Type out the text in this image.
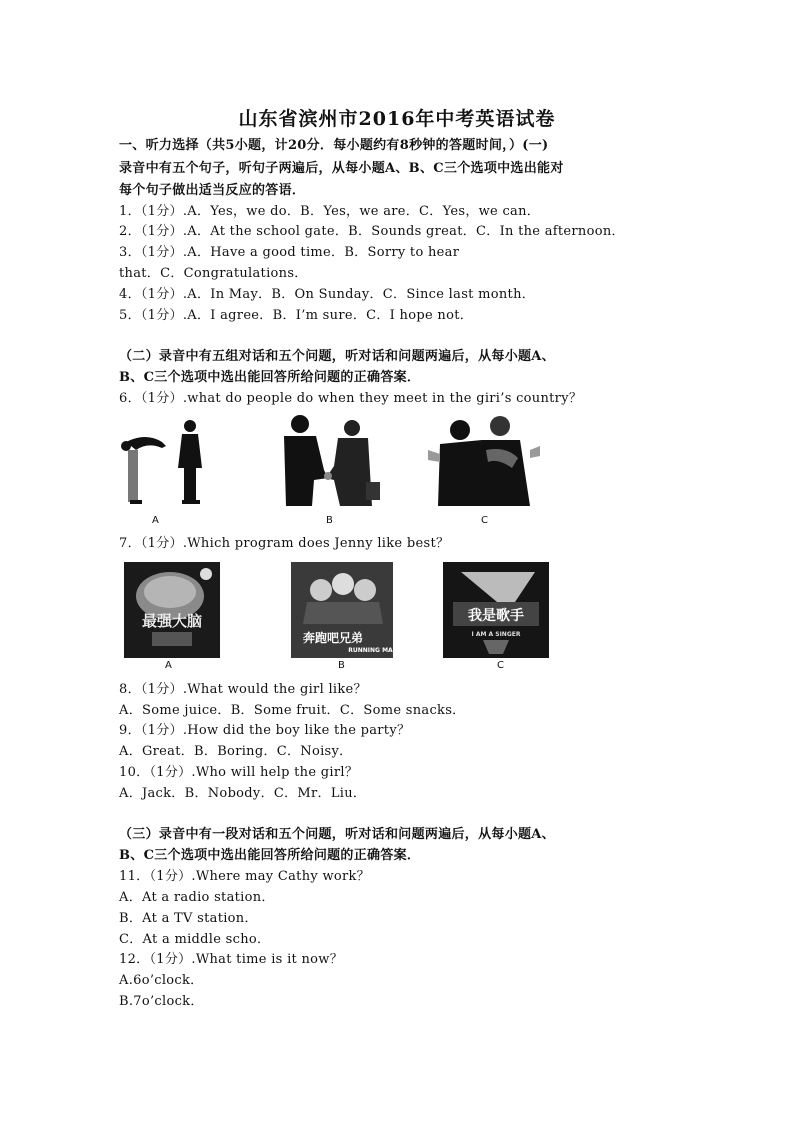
山东省滨州市2016年中考英语试卷
一、听力选择（共5小题，计20分．每小题约有8秒钟的答题时间，）(一)
录音中有五个句子，听句子两遍后，从每小题A、B、C三个选项中选出能对
每个句子做出适当反应的答语．
1．（1分）.A．Yes，we do．B．Yes，we are．C．Yes，we can．
2．（1分）.A．At the school gate．B．Sounds great．C．In the afternoon．
3．（1分）.A．Have a good time．B．Sorry to hear
that．C．Congratulations．
4．（1分）.A．In May．B．On Sunday．C．Since last month．
5．（1分）.A．I agree．B．I’m sure．C．I hope not．
（二）录音中有五组对话和五个问题，听对话和问题两遍后，从每小题A、
B、C三个选项中选出能回答所给问题的正确答案．
6．（1分）.what do people do when they meet in the giri’s country？
A	B	C
7．（1分）.Which program does Jenny like best？
最强大脑
A
奔跑吧兄弟
RUNNING MAN
B
我是歌手
I AM A SINGER
C
8．（1分）.What would the girl like？
A．Some juice．B．Some fruit．C．Some snacks．
9．（1分）.How did the boy like the party？
A．Great．B．Boring．C．Noisy．
10．（1分）.Who will help the girl？
A．Jack．B．Nobody．C．Mr．Liu．
（三）录音中有一段对话和五个问题，听对话和问题两遍后，从每小题A、
B、C三个选项中选出能回答所给问题的正确答案．
11．（1分）.Where may Cathy work？
A．At a radio station．
B．At a TV station．
C．At a middle scho．
12．（1分）.What time is it now？
A.6o’clock．
B.7o’clock．
